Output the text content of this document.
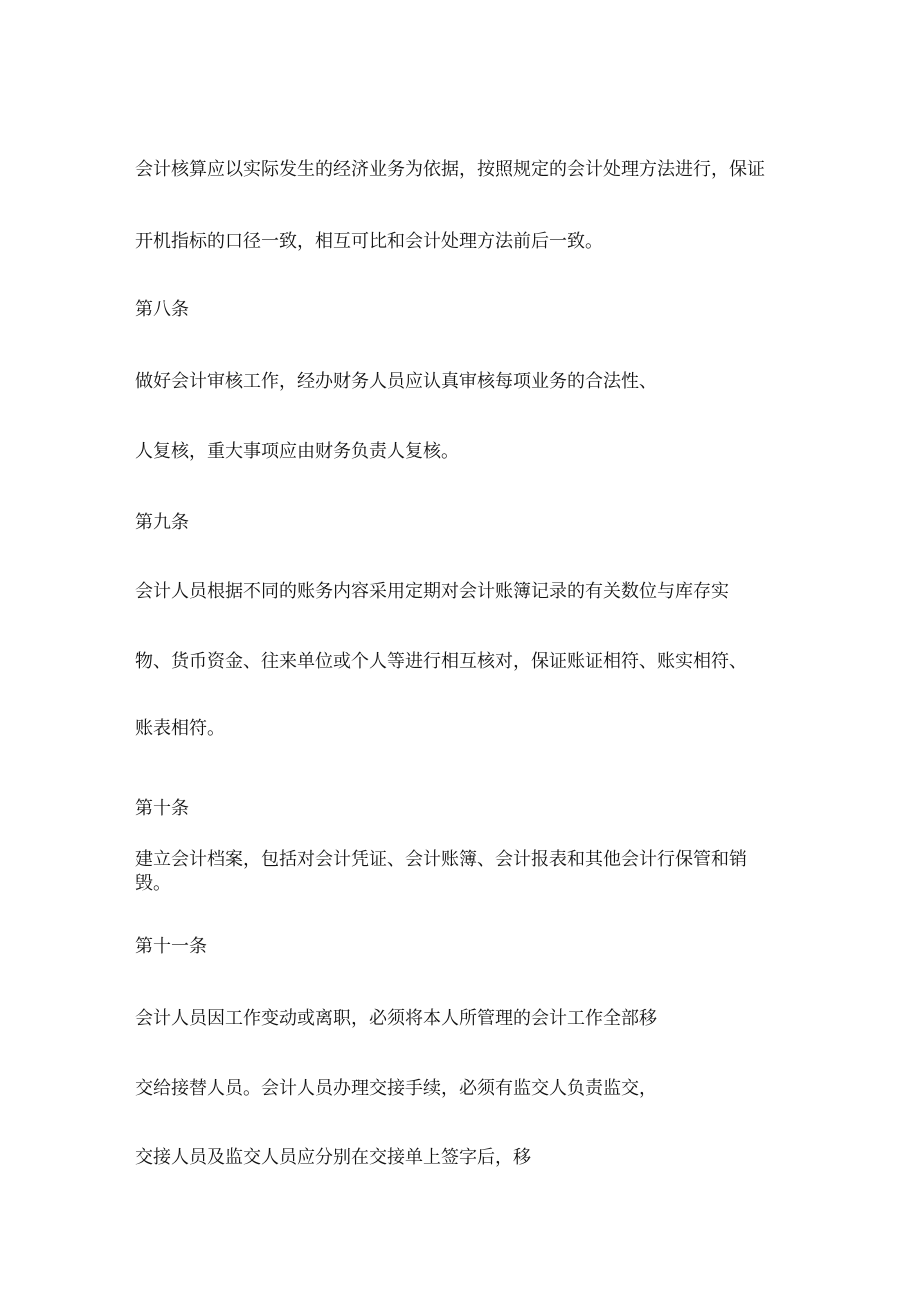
会计核算应以实际发生的经济业务为依据，按照规定的会计处理方法进行，保证
开机指标的口径一致，相互可比和会计处理方法前后一致。
第八条
做好会计审核工作，经办财务人员应认真审核每项业务的合法性、
人复核，重大事项应由财务负责人复核。
第九条
会计人员根据不同的账务内容采用定期对会计账簿记录的有关数位与库存实
物、货币资金、往来单位或个人等进行相互核对，保证账证相符、账实相符、
账表相符。
第十条
建立会计档案，包括对会计凭证、会计账簿、会计报表和其他会计行保管和销
毁。
第十一条
会计人员因工作变动或离职，必须将本人所管理的会计工作全部移
交给接替人员。会计人员办理交接手续，必须有监交人负责监交，
交接人员及监交人员应分别在交接单上签字后，移
